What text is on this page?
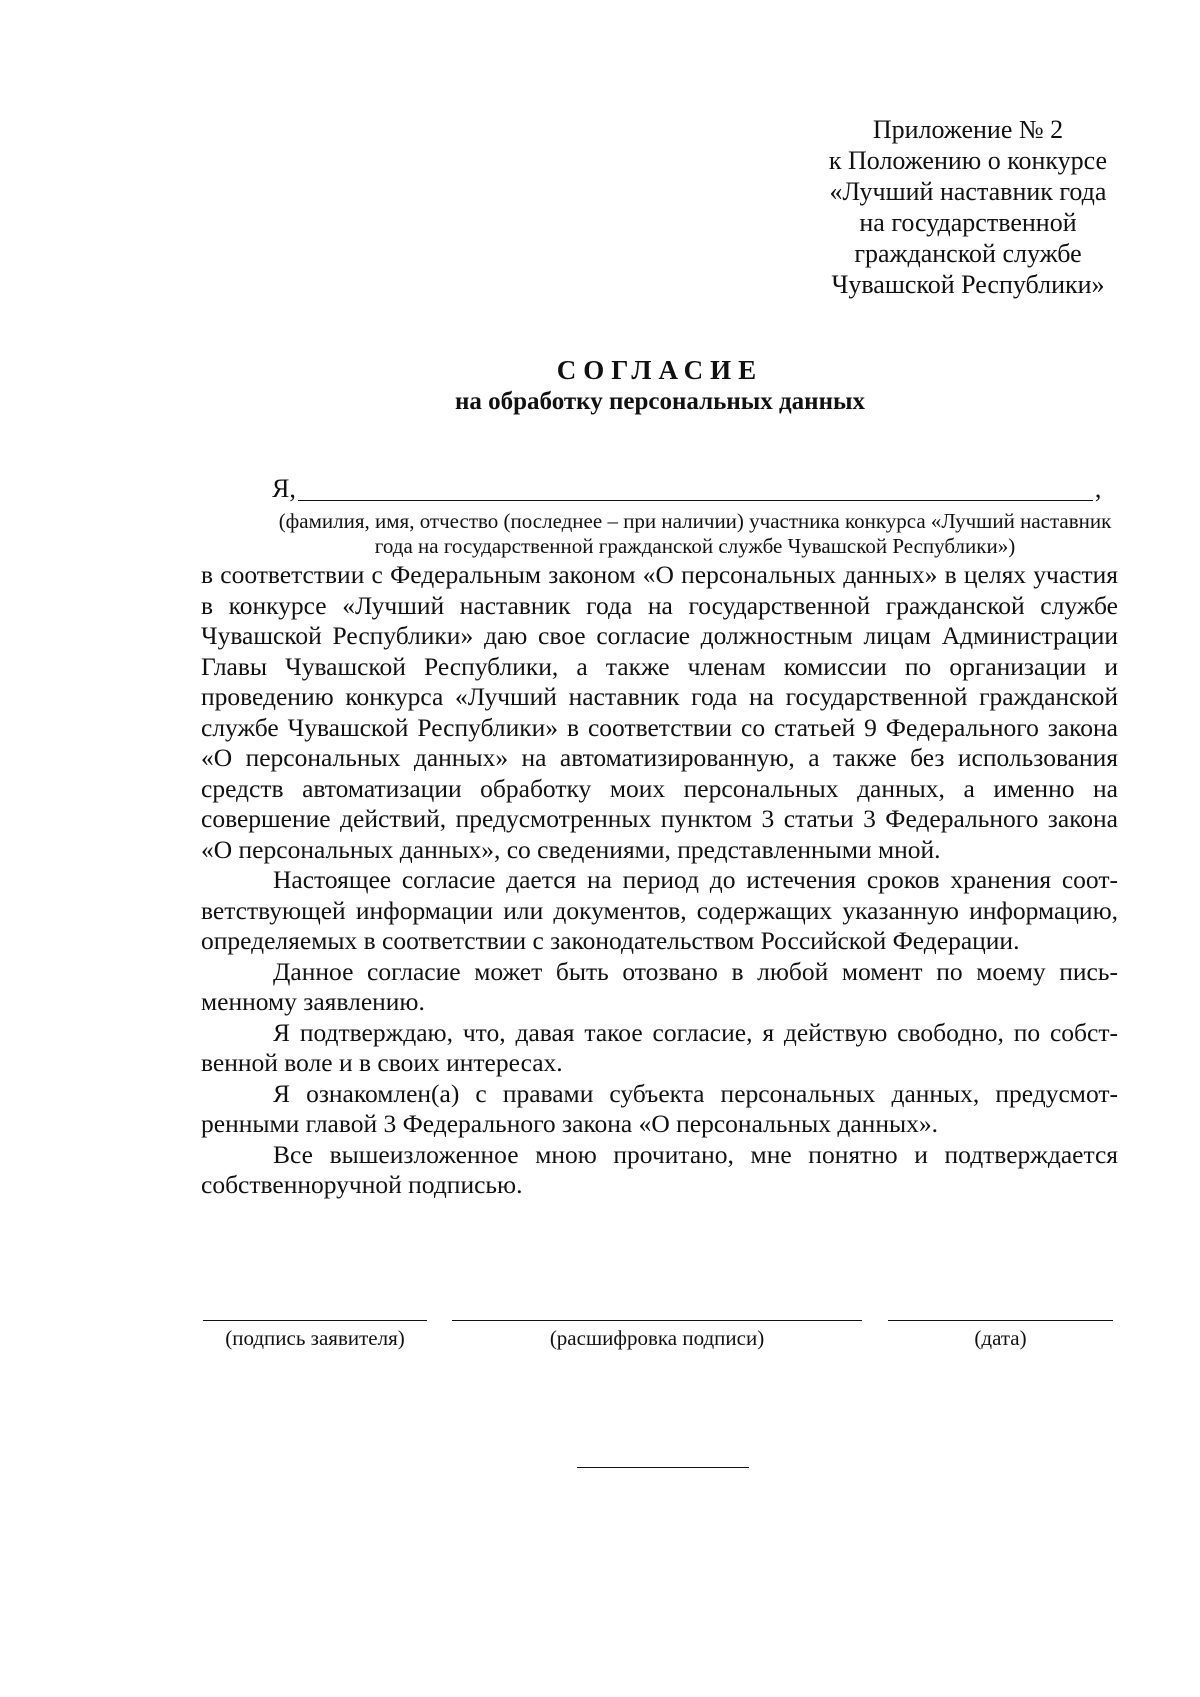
Приложение № 2
к Положению о конкурсе
«Лучший наставник года
на государственной
гражданской службе
Чувашской Республики»
СОГЛАСИЕ
на обработку персональных данных
Я,	,
(фамилия, имя, отчество (последнее – при наличии) участника конкурса «Лучший наставник года на государственной гражданской службе Чувашской Республики»)

в соответствии с Федеральным законом «О персональных данных» в целях участия в конкурсе «Лучший наставник года на государственной гражданской службе Чувашской Республики» даю свое согласие должностным лицам Администрации Главы Чувашской Республики, а также членам комиссии по организации и проведению конкурса «Лучший наставник года на государственной гражданской службе Чувашской Республики» в соответствии со статьей 9 Федерального закона «О персональных данных» на автоматизированную, а также без использования средств автоматизации обработку моих персональных данных, а именно на совершение действий, предусмотренных пунктом 3 статьи 3 Федерального закона «О персональных данных», со сведениями, представленными мной.

Настоящее согласие дается на период до истечения сроков хранения соответствующей информации или документов, содержащих указанную информацию, определяемых в соответствии с законодательством Российской Федерации.

Данное согласие может быть отозвано в любой момент по моему письменному заявлению.

Я подтверждаю, что, давая такое согласие, я действую свободно, по собственной воле и в своих интересах.

Я ознакомлен(а) с правами субъекта персональных данных, предусмотренными главой 3 Федерального закона «О персональных данных».

Все вышеизложенное мною прочитано, мне понятно и подтверждается собственноручной подписью.

(подпись заявителя)	(расшифровка подписи)	(дата)
